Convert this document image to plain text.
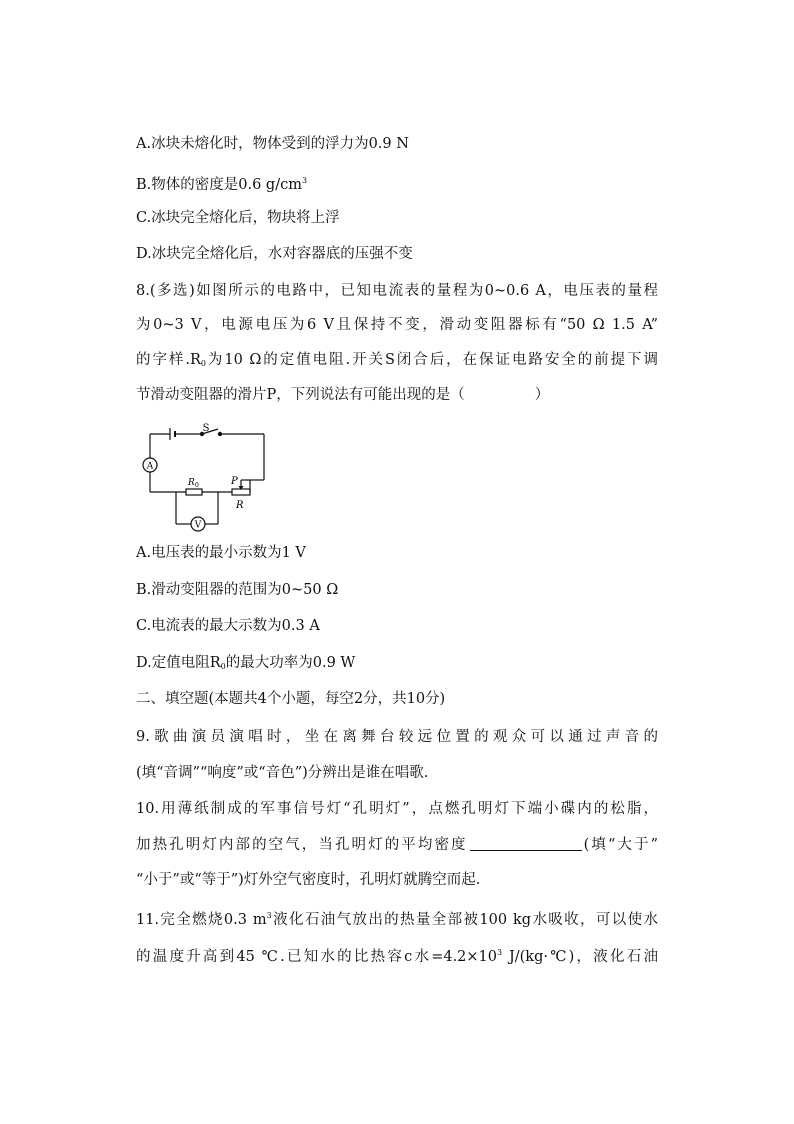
A.冰块未熔化时，物体受到的浮力为0.9 N
B.物体的密度是0.6 $g/cm^3$
C.冰块完全熔化后，物块将上浮
D.冰块完全熔化后，水对容器底的压强不变
8.(多选)如图所示的电路中，已知电流表的量程为0~0.6 A，电压表的量程
为0~3 V，电源电压为6 V且保持不变，滑动变阻器标有“50 Ω 1.5 A”
的字样$.R_0$为10 Ω的定值电阻.开关S闭合后，在保证电路安全的前提下调
节滑动变阻器的滑片P，下列说法有可能出现的是（	）
A
V
S
R 0	P
R
A.电压表的最小示数为1 V
B.滑动变阻器的范围为0~50 Ω
C.电流表的最大示数为0.3 A
D.定值电阻$R_0$的最大功率为0.9 W
二、填空题(本题共4个小题，每空2分，共10分)
9.歌曲演员演唱时，坐在离舞台较远位置的观众可以通过声音的
(填“音调”“响度”或“音色”)分辨出是谁在唱歌.
10.用薄纸制成的军事信号灯“孔明灯”，点燃孔明灯下端小碟内的松脂，
加热孔明灯内部的空气，当孔明灯的平均密度	(填“大于”
“小于”或“等于”)灯外空气密度时，孔明灯就腾空而起.
11.完全燃烧0.3 $m^3$液化石油气放出的热量全部被100 kg水吸收，可以使水
的温度升高到45 ℃.已知水的比热容c水$=4.2\times 10^3$ J/(kg·℃)，液化石油
